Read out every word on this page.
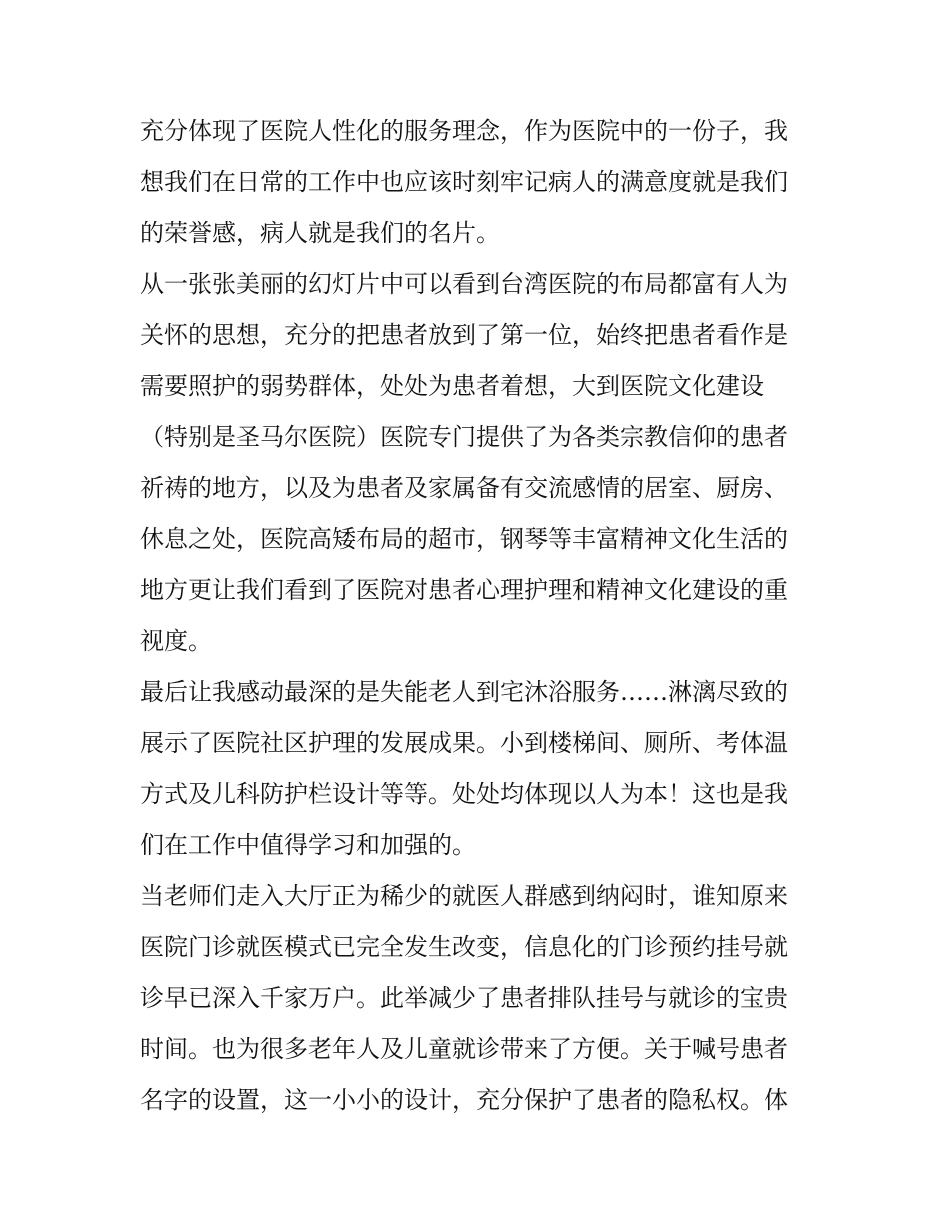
充分体现了医院人性化的服务理念，作为医院中的一份子，我
想我们在日常的工作中也应该时刻牢记病人的满意度就是我们
的荣誉感，病人就是我们的名片。
从一张张美丽的幻灯片中可以看到台湾医院的布局都富有人为
关怀的思想，充分的把患者放到了第一位，始终把患者看作是
需要照护的弱势群体，处处为患者着想，大到医院文化建设
（特别是圣马尔医院）医院专门提供了为各类宗教信仰的患者
祈祷的地方，以及为患者及家属备有交流感情的居室、厨房、
休息之处，医院高矮布局的超市，钢琴等丰富精神文化生活的
地方更让我们看到了医院对患者心理护理和精神文化建设的重
视度。
最后让我感动最深的是失能老人到宅沐浴服务……淋漓尽致的
展示了医院社区护理的发展成果。小到楼梯间、厕所、考体温
方式及儿科防护栏设计等等。处处均体现以人为本！这也是我
们在工作中值得学习和加强的。
当老师们走入大厅正为稀少的就医人群感到纳闷时，谁知原来
医院门诊就医模式已完全发生改变，信息化的门诊预约挂号就
诊早已深入千家万户。此举减少了患者排队挂号与就诊的宝贵
时间。也为很多老年人及儿童就诊带来了方便。关于喊号患者
名字的设置，这一小小的设计，充分保护了患者的隐私权。体
